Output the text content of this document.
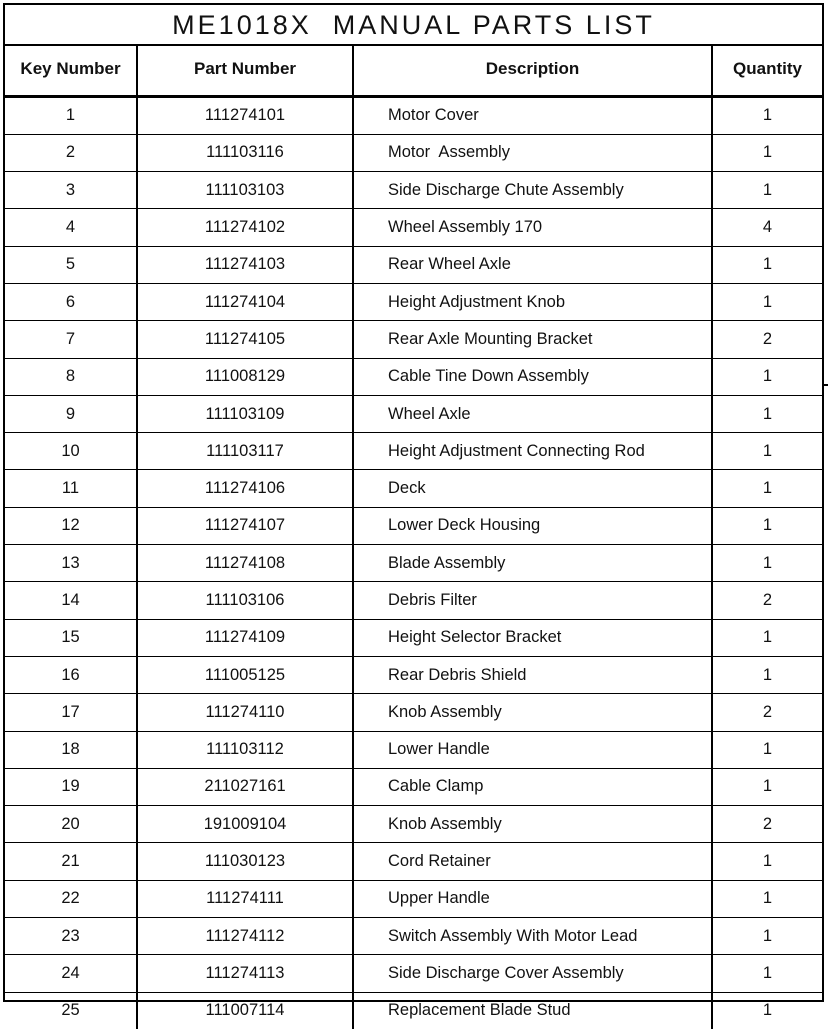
ME1018X  MANUAL PARTS LIST
Key Number	Part Number	Description	Quantity
1	111274101	Motor Cover	1
2	111103116	Motor  Assembly	1
3	111103103	Side Discharge Chute Assembly	1
4	111274102	Wheel Assembly 170	4
5	111274103	Rear Wheel Axle	1
6	111274104	Height Adjustment Knob	1
7	111274105	Rear Axle Mounting Bracket	2
8	111008129	Cable Tine Down Assembly	1
9	111103109	Wheel Axle	1
10	111103117	Height Adjustment Connecting Rod	1
11	111274106	Deck	1
12	111274107	Lower Deck Housing	1
13	111274108	Blade Assembly	1
14	111103106	Debris Filter	2
15	111274109	Height Selector Bracket	1
16	111005125	Rear Debris Shield	1
17	111274110	Knob Assembly	2
18	111103112	Lower Handle	1
19	211027161	Cable Clamp	1
20	191009104	Knob Assembly	2
21	111030123	Cord Retainer	1
22	111274111	Upper Handle	1
23	111274112	Switch Assembly With Motor Lead	1
24	111274113	Side Discharge Cover Assembly	1
25	111007114	Replacement Blade Stud	1
